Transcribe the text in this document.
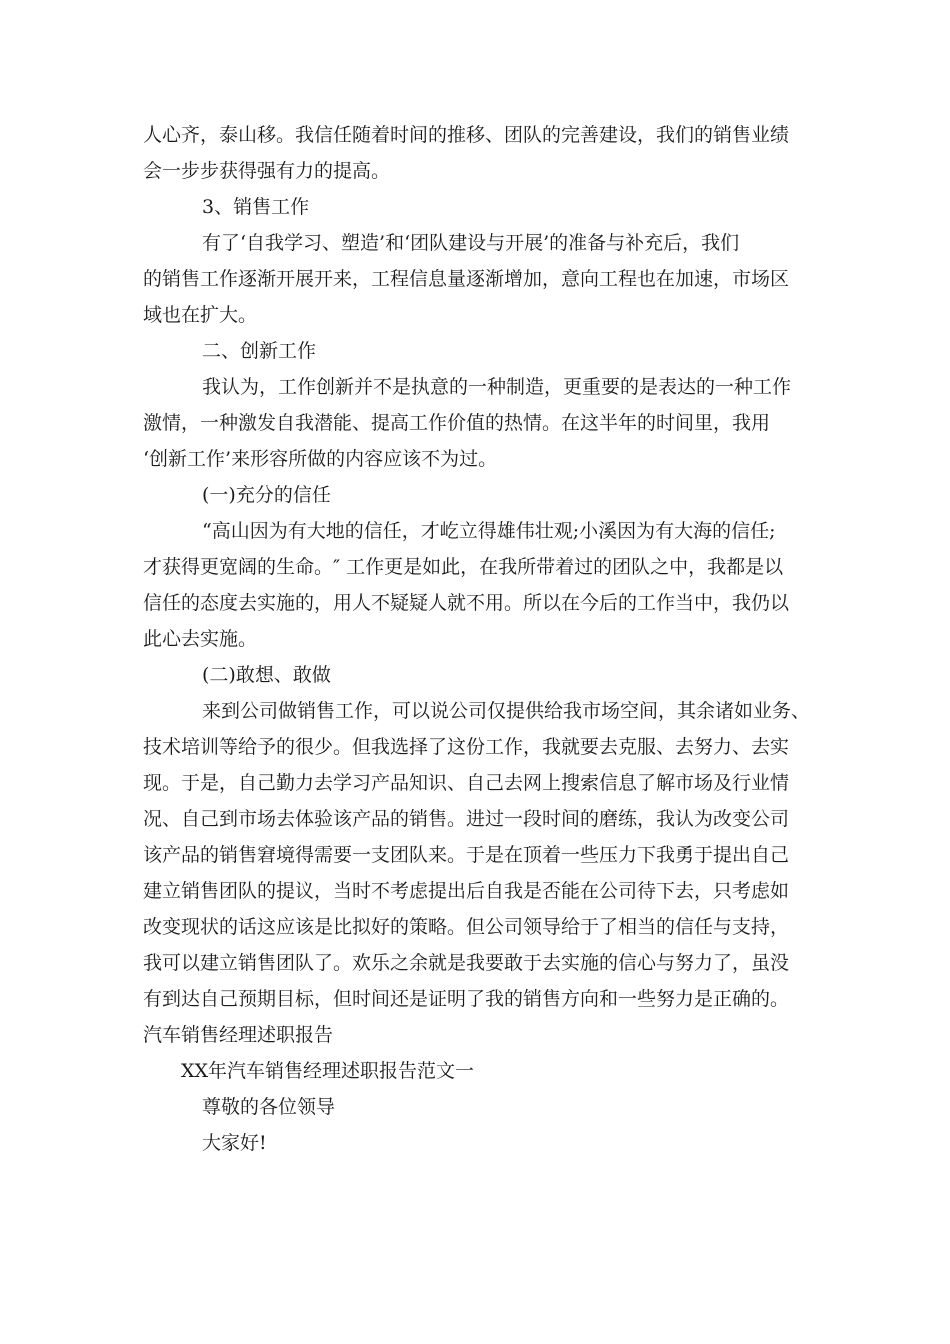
人心齐，泰山移。我信任随着时间的推移、团队的完善建设，我们的销售业绩
会一步步获得强有力的提高。
3、销售工作
有了‘自我学习、塑造’和‘团队建设与开展’的准备与补充后，我们
的销售工作逐渐开展开来，工程信息量逐渐增加，意向工程也在加速，市场区
域也在扩大。
二、创新工作
我认为，工作创新并不是执意的一种制造，更重要的是表达的一种工作
激情，一种激发自我潜能、提高工作价值的热情。在这半年的时间里，我用
‘创新工作’来形容所做的内容应该不为过。
(一)充分的信任
“高山因为有大地的信任，才屹立得雄伟壮观;小溪因为有大海的信任;
才获得更宽阔的生命。″ 工作更是如此，在我所带着过的团队之中，我都是以
信任的态度去实施的，用人不疑疑人就不用。所以在今后的工作当中，我仍以
此心去实施。
(二)敢想、敢做
来到公司做销售工作，可以说公司仅提供给我市场空间，其余诸如业务、
技术培训等给予的很少。但我选择了这份工作，我就要去克服、去努力、去实
现。于是，自己勤力去学习产品知识、自己去网上搜索信息了解市场及行业情
况、自己到市场去体验该产品的销售。进过一段时间的磨练，我认为改变公司
该产品的销售窘境得需要一支团队来。于是在顶着一些压力下我勇于提出自己
建立销售团队的提议，当时不考虑提出后自我是否能在公司待下去，只考虑如
改变现状的话这应该是比拟好的策略。但公司领导给于了相当的信任与支持，
我可以建立销售团队了。欢乐之余就是我要敢于去实施的信心与努力了，虽没
有到达自己预期目标，但时间还是证明了我的销售方向和一些努力是正确的。
汽车销售经理述职报告
XX年汽车销售经理述职报告范文一
尊敬的各位领导
大家好!
